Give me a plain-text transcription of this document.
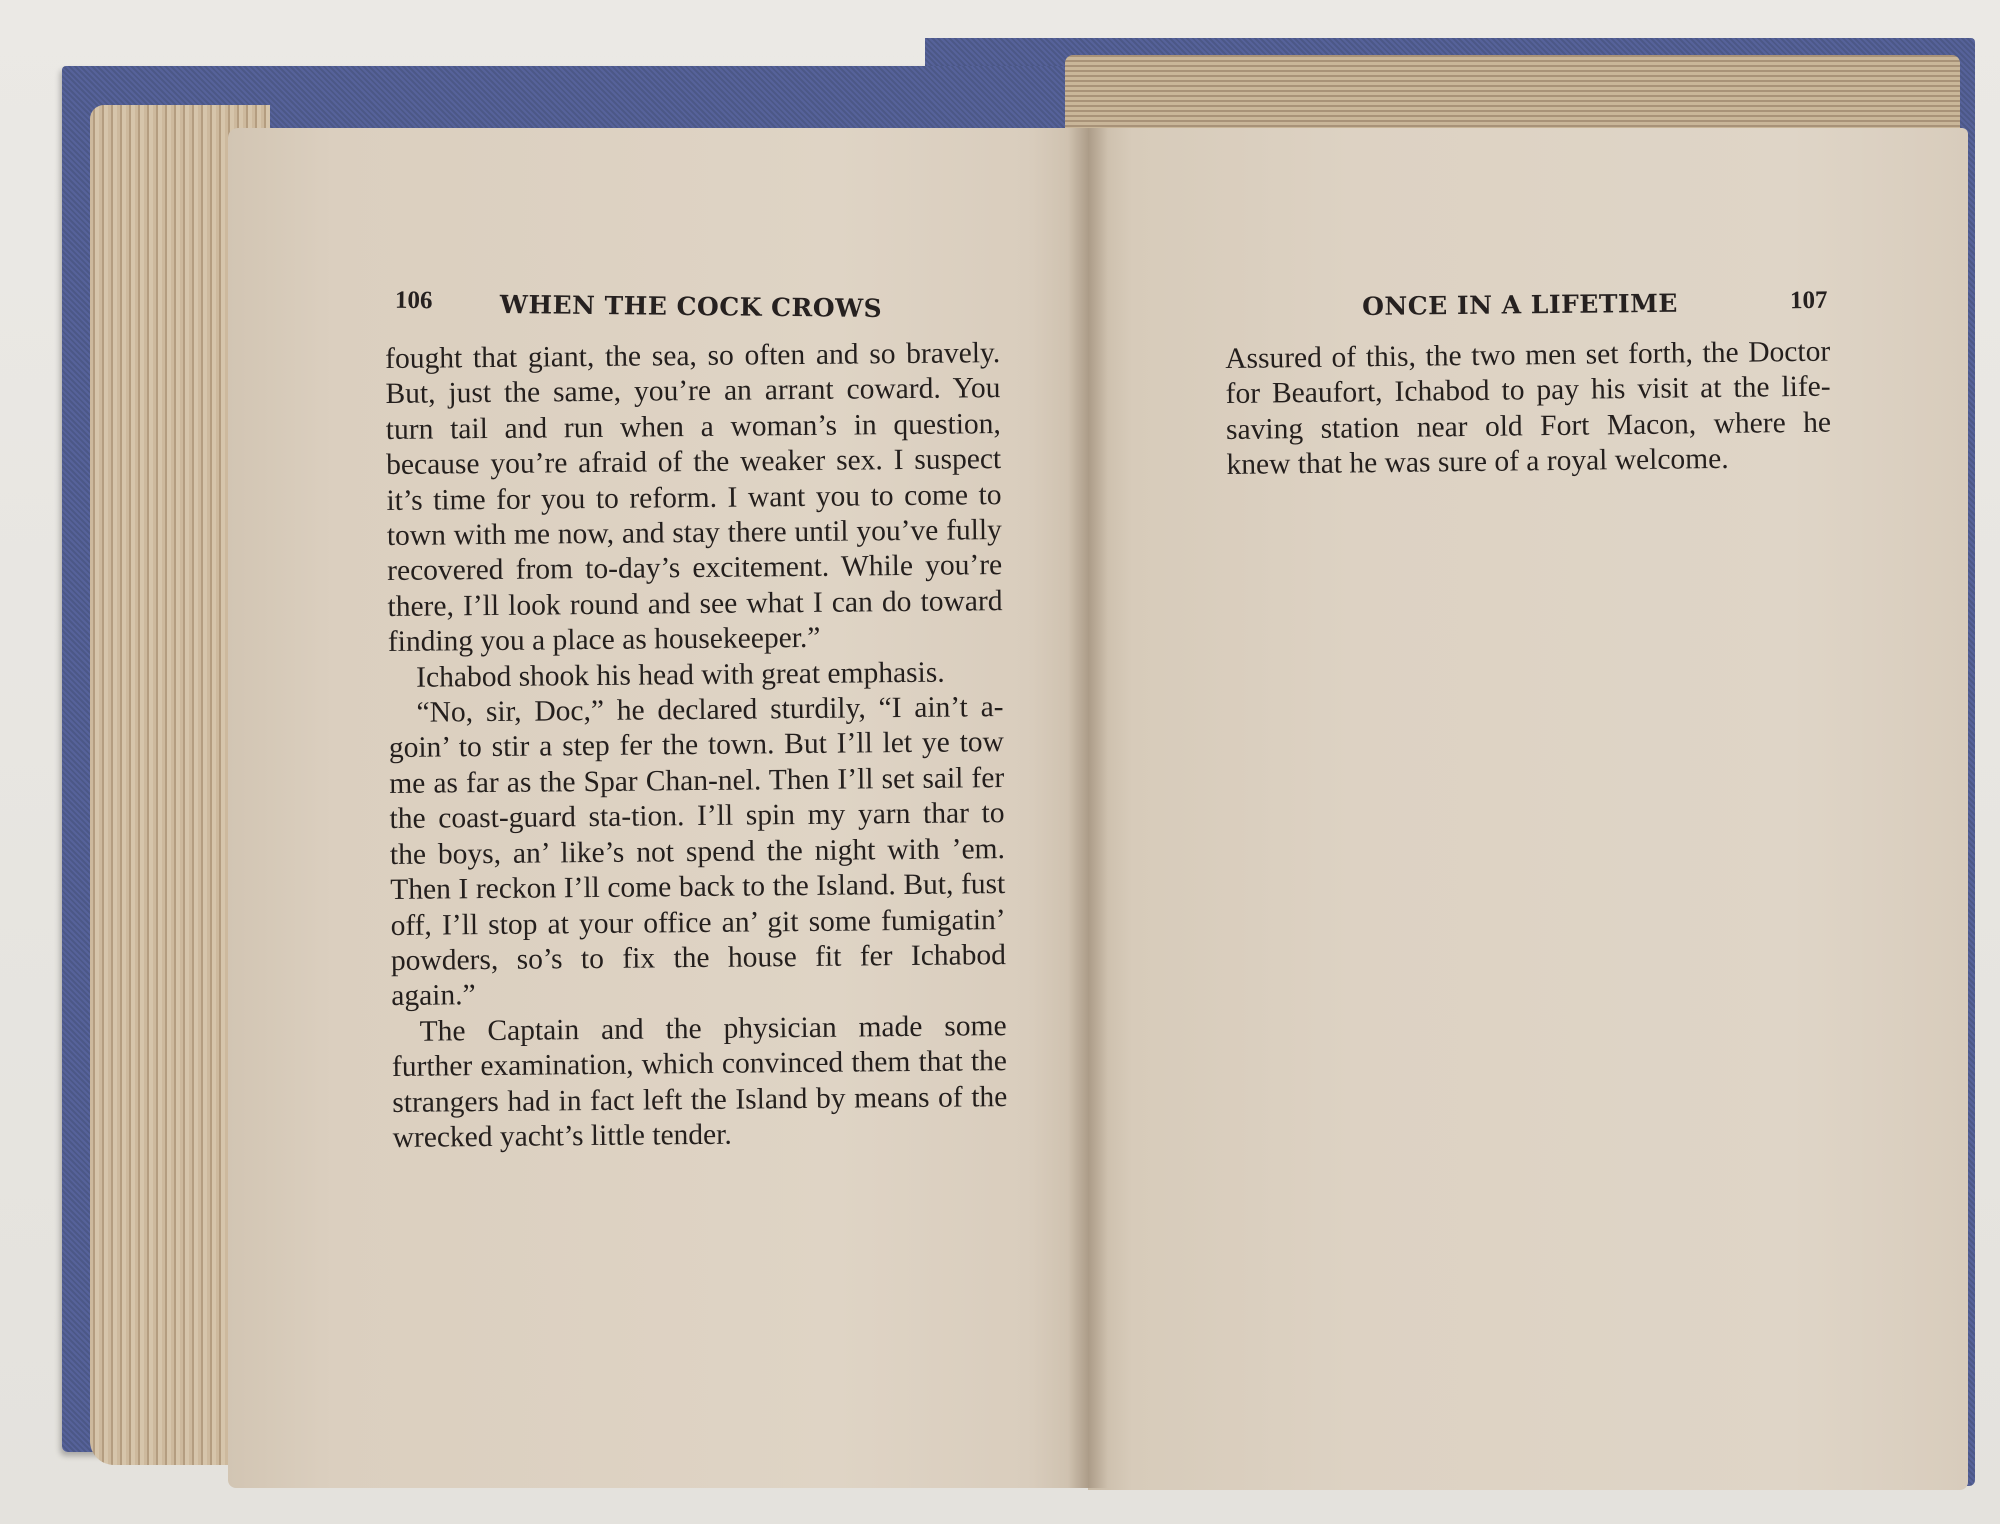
106	WHEN THE COCK CROWS

fought that giant, the sea, so often and so bravely. But, just the same, you’re an arrant coward. You turn tail and run when a woman’s in question, because you’re afraid of the weaker sex. I suspect it’s time for you to reform. I want you to come to town with me now, and stay there until you’ve fully recovered from to-day’s excitement. While you’re there, I’ll look round and see what I can do toward finding you a place as housekeeper.”

Ichabod shook his head with great emphasis.

“No, sir, Doc,” he declared sturdily, “I ain’t a-goin’ to stir a step fer the town. But I’ll let ye tow me as far as the Spar Chan-nel. Then I’ll set sail fer the coast-guard sta-tion. I’ll spin my yarn thar to the boys, an’ like’s not spend the night with ’em. Then I reckon I’ll come back to the Island. But, fust off, I’ll stop at your office an’ git some fumigatin’ powders, so’s to fix the house fit fer Ichabod again.”

The Captain and the physician made some further examination, which convinced them that the strangers had in fact left the Island by means of the wrecked yacht’s little tender.

ONCE IN A LIFETIME	107

Assured of this, the two men set forth, the Doctor for Beaufort, Ichabod to pay his visit at the life-saving station near old Fort Macon, where he knew that he was sure of a royal welcome.
